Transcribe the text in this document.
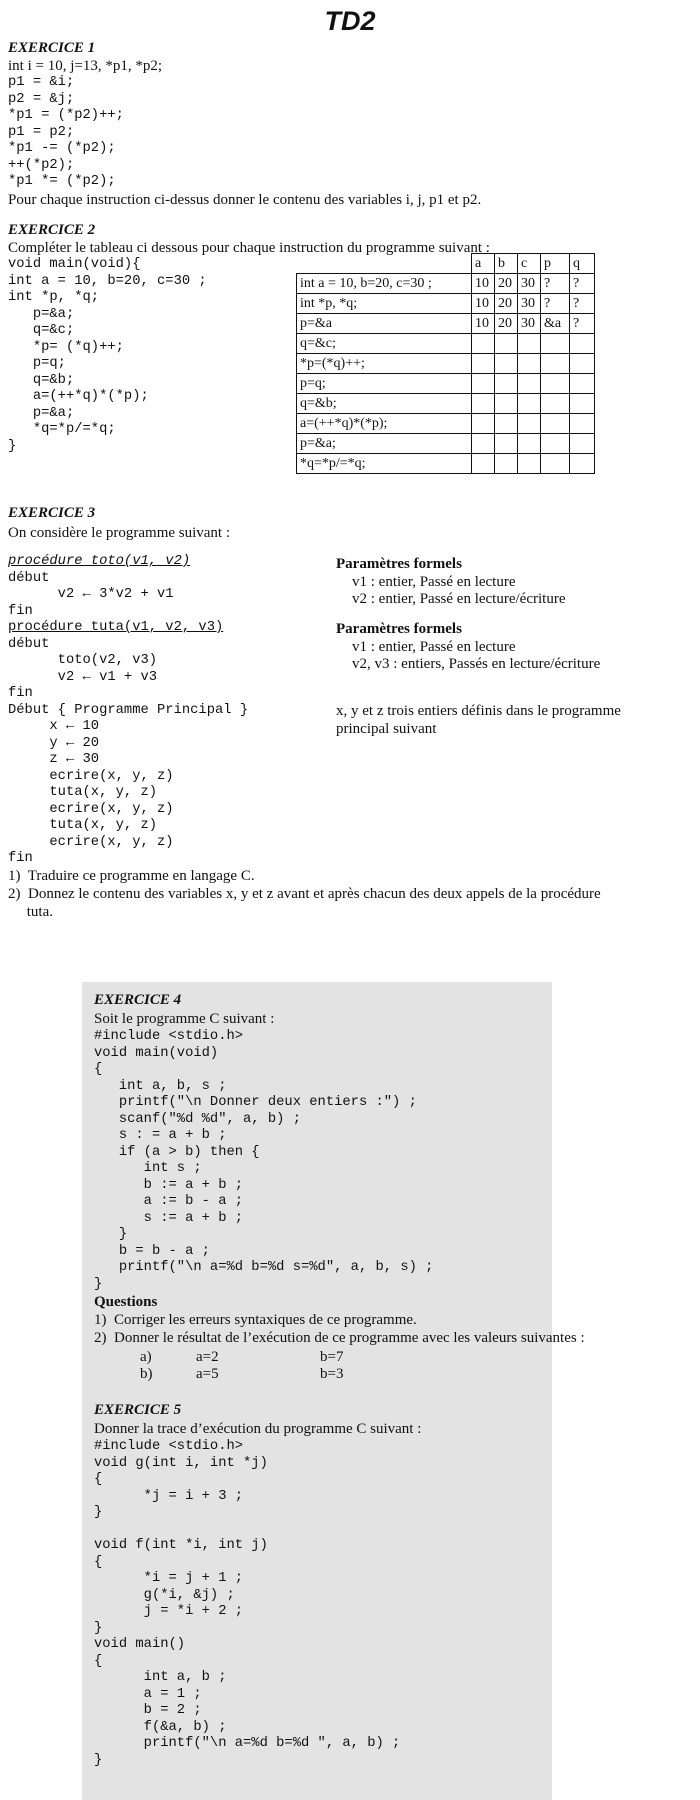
TD2
EXERCICE 1
int i = 10, j=13, *p1, *p2;
p1 = &i;
p2 = &j;
*p1 = (*p2)++;
p1 = p2;
*p1 -= (*p2);
++(*p2);
*p1 *= (*p2);
Pour chaque instruction ci-dessus donner le contenu des variables i, j, p1 et p2.
EXERCICE 2
Compléter le tableau ci dessous pour chaque instruction du programme suivant :
void main(void){
int a = 10, b=20, c=30 ;
int *p, *q;
p=&a;
q=&c;
*p= (*q)++;
p=q;
q=&b;
a=(++*q)*(*p);
p=&a;
*q=*p/=*q;
}
	a	b	c	p	q
int a = 10, b=20, c=30 ;	10	20	30	?	?
int *p, *q;	10	20	30	?	?
p=&a	10	20	30	&a	?
q=&c;					
*p=(*q)++;					
p=q;					
q=&b;					
a=(++*q)*(*p);					
p=&a;					
*q=*p/=*q;					
EXERCICE 3
On considère le programme suivant :
procédure toto(v1, v2)
début
v2 ← 3*v2 + v1
fin
procédure tuta(v1, v2, v3)
début
toto(v2, v3)
v2 ← v1 + v3
fin
Début { Programme Principal }
x ← 10
y ← 20
z ← 30
ecrire(x, y, z)
tuta(x, y, z)
ecrire(x, y, z)
tuta(x, y, z)
ecrire(x, y, z)
fin
Paramètres formels
v1 : entier, Passé en lecture
v2 : entier, Passé en lecture/écriture
Paramètres formels
v1 : entier, Passé en lecture
v2, v3 : entiers, Passés en lecture/écriture
x, y et z trois entiers définis dans le programme
principal suivant
1)  Traduire ce programme en langage C.
2)  Donnez le contenu des variables x, y et z avant et après chacun des deux appels de la procédure
tuta.
EXERCICE 4
Soit le programme C suivant :
#include <stdio.h>
void main(void)
{
int a, b, s ;
printf("\n Donner deux entiers :") ;
scanf("%d %d", a, b) ;
s : = a + b ;
if (a > b) then {
int s ;
b := a + b ;
a := b - a ;
s := a + b ;
}
b = b - a ;
printf("\n a=%d b=%d s=%d", a, b, s) ;
}
Questions
1)  Corriger les erreurs syntaxiques de ce programme.
2)  Donner le résultat de l’exécution de ce programme avec les valeurs suivantes :
a)	a=2	b=7
b)	a=5	b=3
EXERCICE 5
Donner la trace d’exécution du programme C suivant :
#include <stdio.h>
void g(int i, int *j)
{
*j = i + 3 ;
}
void f(int *i, int j)
{
*i = j + 1 ;
g(*i, &j) ;
j = *i + 2 ;
}
void main()
{
int a, b ;
a = 1 ;
b = 2 ;
f(&a, b) ;
printf("\n a=%d b=%d ", a, b) ;
}
